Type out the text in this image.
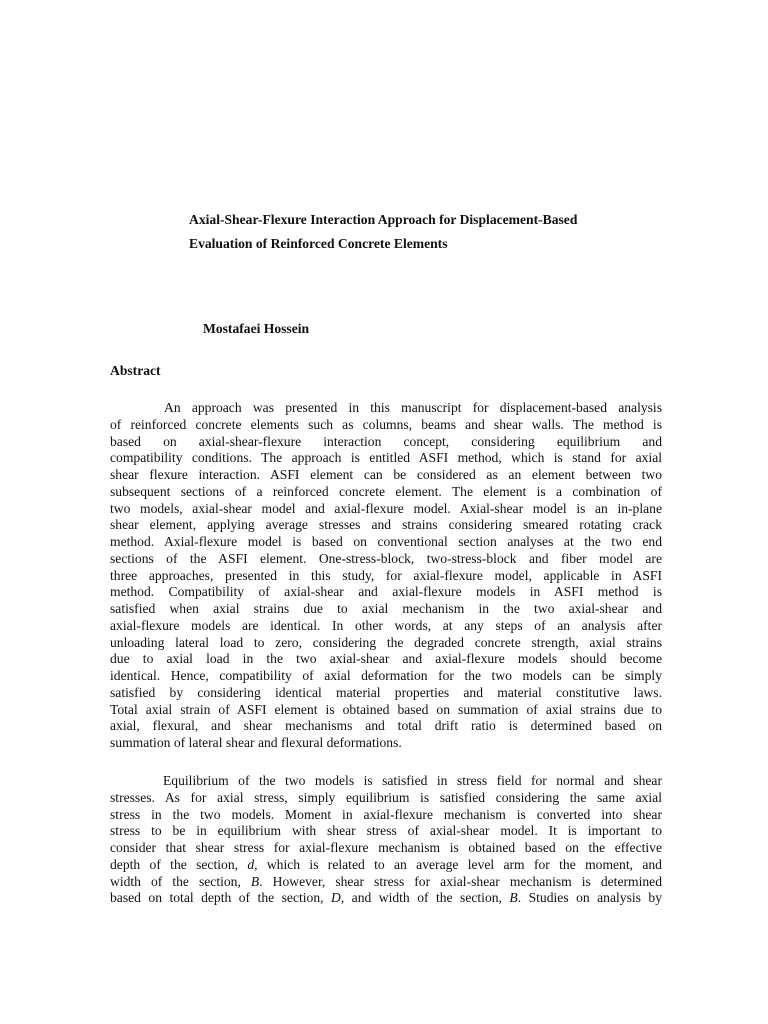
Axial-Shear-Flexure Interaction Approach for Displacement-Based
Evaluation of Reinforced Concrete Elements
Mostafaei Hossein
Abstract
An approach was presented in this manuscript for displacement-based analysis
of reinforced concrete elements such as columns, beams and shear walls. The method is
based on axial-shear-flexure interaction concept, considering equilibrium and
compatibility conditions. The approach is entitled ASFI method, which is stand for axial
shear flexure interaction. ASFI element can be considered as an element between two
subsequent sections of a reinforced concrete element. The element is a combination of
two models, axial-shear model and axial-flexure model. Axial-shear model is an in-plane
shear element, applying average stresses and strains considering smeared rotating crack
method. Axial-flexure model is based on conventional section analyses at the two end
sections of the ASFI element. One-stress-block, two-stress-block and fiber model are
three approaches, presented in this study, for axial-flexure model, applicable in ASFI
method. Compatibility of axial-shear and axial-flexure models in ASFI method is
satisfied when axial strains due to axial mechanism in the two axial-shear and
axial-flexure models are identical. In other words, at any steps of an analysis after
unloading lateral load to zero, considering the degraded concrete strength, axial strains
due to axial load in the two axial-shear and axial-flexure models should become
identical. Hence, compatibility of axial deformation for the two models can be simply
satisfied by considering identical material properties and material constitutive laws.
Total axial strain of ASFI element is obtained based on summation of axial strains due to
axial, flexural, and shear mechanisms and total drift ratio is determined based on
summation of lateral shear and flexural deformations.
Equilibrium of the two models is satisfied in stress field for normal and shear
stresses. As for axial stress, simply equilibrium is satisfied considering the same axial
stress in the two models. Moment in axial-flexure mechanism is converted into shear
stress to be in equilibrium with shear stress of axial-shear model. It is important to
consider that shear stress for axial-flexure mechanism is obtained based on the effective
depth of the section, d, which is related to an average level arm for the moment, and
width of the section, B. However, shear stress for axial-shear mechanism is determined
based on total depth of the section, D, and width of the section, B. Studies on analysis by
